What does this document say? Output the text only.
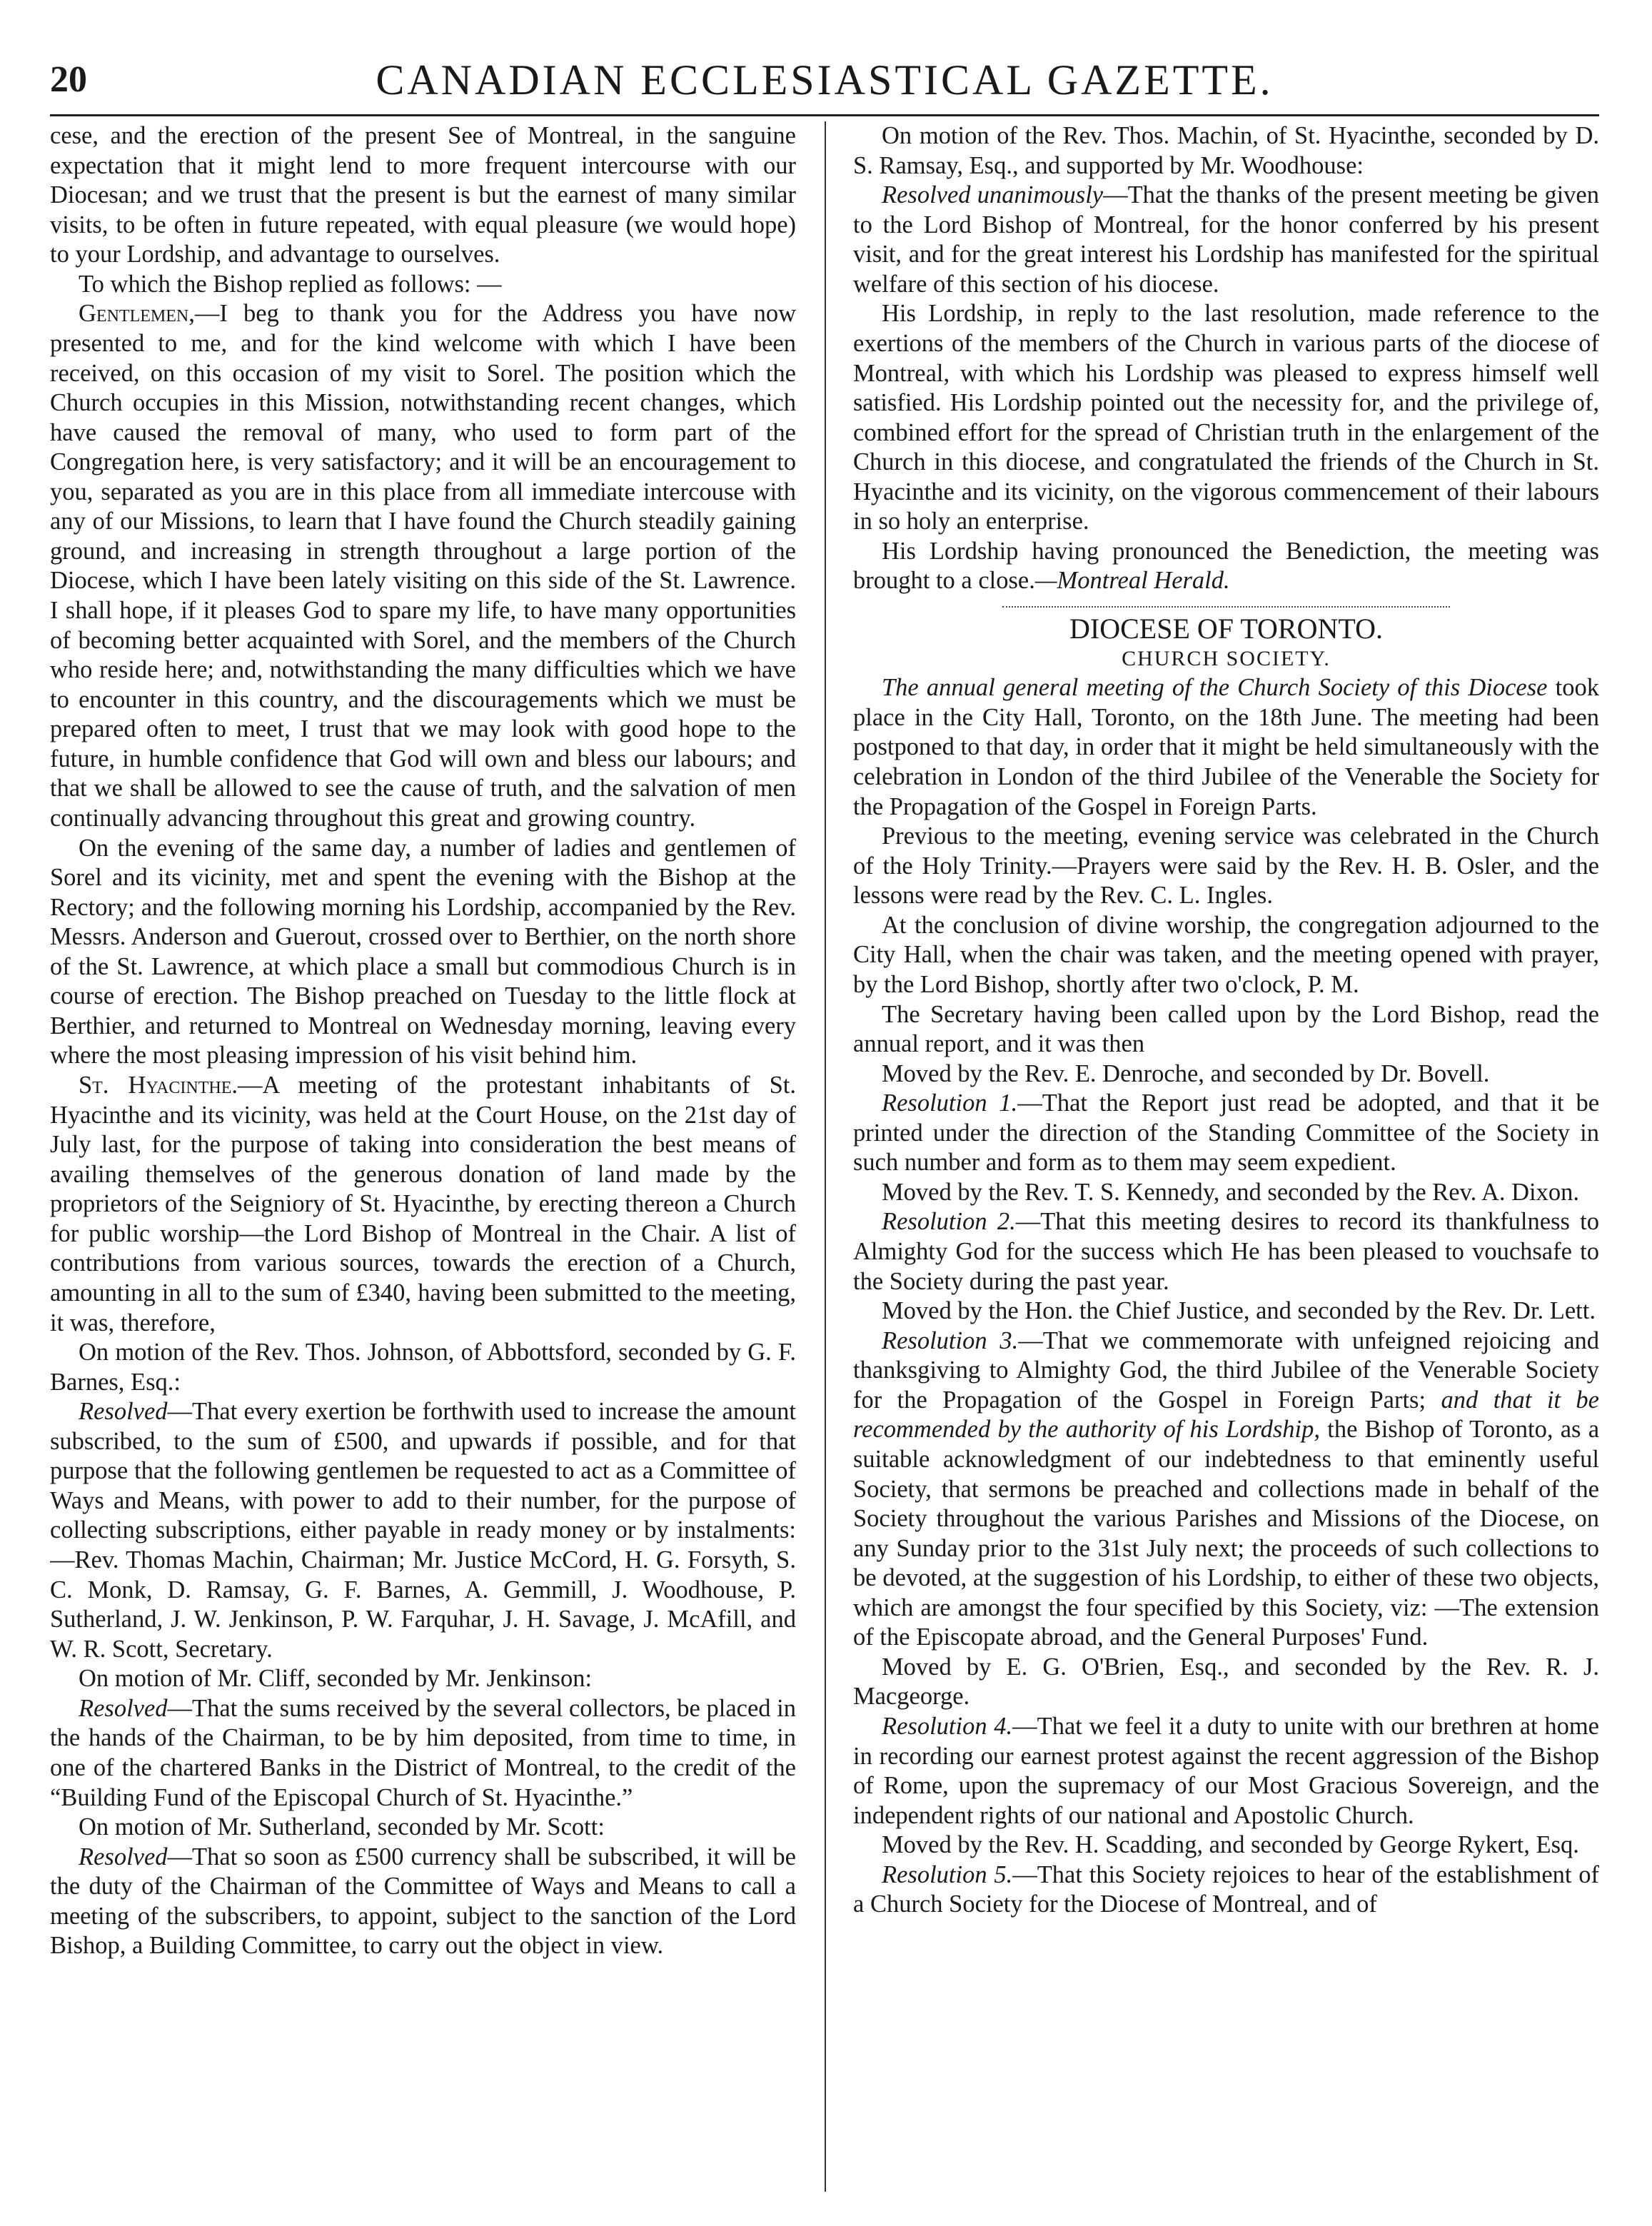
20	CANADIAN ECCLESIASTICAL GAZETTE.

cese, and the erection of the present See of Montreal, in the sanguine expectation that it might lend to more frequent intercourse with our Diocesan; and we trust that the present is but the earnest of many similar visits, to be often in future repeated, with equal pleasure (we would hope) to your Lordship, and advantage to ourselves.

To which the Bishop replied as follows: —

Gentlemen,—I beg to thank you for the Address you have now presented to me, and for the kind welcome with which I have been received, on this occasion of my visit to Sorel. The position which the Church occupies in this Mission, notwithstanding recent changes, which have caused the removal of many, who used to form part of the Congregation here, is very satisfactory; and it will be an encouragement to you, separated as you are in this place from all immediate intercouse with any of our Missions, to learn that I have found the Church steadily gaining ground, and increasing in strength throughout a large portion of the Diocese, which I have been lately visiting on this side of the St. Lawrence. I shall hope, if it pleases God to spare my life, to have many opportunities of becoming better acquainted with Sorel, and the members of the Church who reside here; and, notwithstanding the many difficulties which we have to encounter in this country, and the discouragements which we must be prepared often to meet, I trust that we may look with good hope to the future, in humble confidence that God will own and bless our labours; and that we shall be allowed to see the cause of truth, and the salvation of men continually advancing throughout this great and growing country.

On the evening of the same day, a number of ladies and gentlemen of Sorel and its vicinity, met and spent the evening with the Bishop at the Rectory; and the following morning his Lordship, accompanied by the Rev. Messrs. Anderson and Guerout, crossed over to Berthier, on the north shore of the St. Lawrence, at which place a small but commodious Church is in course of erection. The Bishop preached on Tuesday to the little flock at Berthier, and returned to Montreal on Wednesday morning, leaving every where the most pleasing impression of his visit behind him.

St. Hyacinthe.—A meeting of the protestant inhabitants of St. Hyacinthe and its vicinity, was held at the Court House, on the 21st day of July last, for the purpose of taking into consideration the best means of availing themselves of the generous donation of land made by the proprietors of the Seigniory of St. Hyacinthe, by erecting thereon a Church for public worship—the Lord Bishop of Montreal in the Chair. A list of contributions from various sources, towards the erection of a Church, amounting in all to the sum of £340, having been submitted to the meeting, it was, therefore,

On motion of the Rev. Thos. Johnson, of Abbottsford, seconded by G. F. Barnes, Esq.:

Resolved—That every exertion be forthwith used to increase the amount subscribed, to the sum of £500, and upwards if possible, and for that purpose that the following gentlemen be requested to act as a Committee of Ways and Means, with power to add to their number, for the purpose of collecting subscriptions, either payable in ready money or by instalments: —Rev. Thomas Machin, Chairman; Mr. Justice McCord, H. G. Forsyth, S. C. Monk, D. Ramsay, G. F. Barnes, A. Gemmill, J. Woodhouse, P. Sutherland, J. W. Jenkinson, P. W. Farquhar, J. H. Savage, J. McAfill, and W. R. Scott, Secretary.

On motion of Mr. Cliff, seconded by Mr. Jenkinson:

Resolved—That the sums received by the several collectors, be placed in the hands of the Chairman, to be by him deposited, from time to time, in one of the chartered Banks in the District of Montreal, to the credit of the “Building Fund of the Episcopal Church of St. Hyacinthe.”

On motion of Mr. Sutherland, seconded by Mr. Scott:

Resolved—That so soon as £500 currency shall be subscribed, it will be the duty of the Chairman of the Committee of Ways and Means to call a meeting of the subscribers, to appoint, subject to the sanction of the Lord Bishop, a Building Committee, to carry out the object in view.

On motion of the Rev. Thos. Machin, of St. Hyacinthe, seconded by D. S. Ramsay, Esq., and supported by Mr. Woodhouse:

Resolved unanimously—That the thanks of the present meeting be given to the Lord Bishop of Montreal, for the honor conferred by his present visit, and for the great interest his Lordship has manifested for the spiritual welfare of this section of his diocese.

His Lordship, in reply to the last resolution, made reference to the exertions of the members of the Church in various parts of the diocese of Montreal, with which his Lordship was pleased to express himself well satisfied. His Lordship pointed out the necessity for, and the privilege of, combined effort for the spread of Christian truth in the enlargement of the Church in this diocese, and congratulated the friends of the Church in St. Hyacinthe and its vicinity, on the vigorous commencement of their labours in so holy an enterprise.

His Lordship having pronounced the Benediction, the meeting was brought to a close.—Montreal Herald.

DIOCESE OF TORONTO.
CHURCH SOCIETY.

The annual general meeting of the Church Society of this Diocese took place in the City Hall, Toronto, on the 18th June. The meeting had been postponed to that day, in order that it might be held simultaneously with the celebration in London of the third Jubilee of the Venerable the Society for the Propagation of the Gospel in Foreign Parts.

Previous to the meeting, evening service was celebrated in the Church of the Holy Trinity.—Prayers were said by the Rev. H. B. Osler, and the lessons were read by the Rev. C. L. Ingles.

At the conclusion of divine worship, the congregation adjourned to the City Hall, when the chair was taken, and the meeting opened with prayer, by the Lord Bishop, shortly after two o'clock, P. M.

The Secretary having been called upon by the Lord Bishop, read the annual report, and it was then

Moved by the Rev. E. Denroche, and seconded by Dr. Bovell.

Resolution 1.—That the Report just read be adopted, and that it be printed under the direction of the Standing Committee of the Society in such number and form as to them may seem expedient.

Moved by the Rev. T. S. Kennedy, and seconded by the Rev. A. Dixon.

Resolution 2.—That this meeting desires to record its thankfulness to Almighty God for the success which He has been pleased to vouchsafe to the Society during the past year.

Moved by the Hon. the Chief Justice, and seconded by the Rev. Dr. Lett.

Resolution 3.—That we commemorate with unfeigned rejoicing and thanksgiving to Almighty God, the third Jubilee of the Venerable Society for the Propagation of the Gospel in Foreign Parts; and that it be recommended by the authority of his Lordship, the Bishop of Toronto, as a suitable acknowledgment of our indebtedness to that eminently useful Society, that sermons be preached and collections made in behalf of the Society throughout the various Parishes and Missions of the Diocese, on any Sunday prior to the 31st July next; the proceeds of such collections to be devoted, at the suggestion of his Lordship, to either of these two objects, which are amongst the four specified by this Society, viz: —The extension of the Episcopate abroad, and the General Purposes' Fund.

Moved by E. G. O'Brien, Esq., and seconded by the Rev. R. J. Macgeorge.

Resolution 4.—That we feel it a duty to unite with our brethren at home in recording our earnest protest against the recent aggression of the Bishop of Rome, upon the supremacy of our Most Gracious Sovereign, and the independent rights of our national and Apostolic Church.

Moved by the Rev. H. Scadding, and seconded by George Rykert, Esq.

Resolution 5.—That this Society rejoices to hear of the establishment of a Church Society for the Diocese of Montreal, and of
